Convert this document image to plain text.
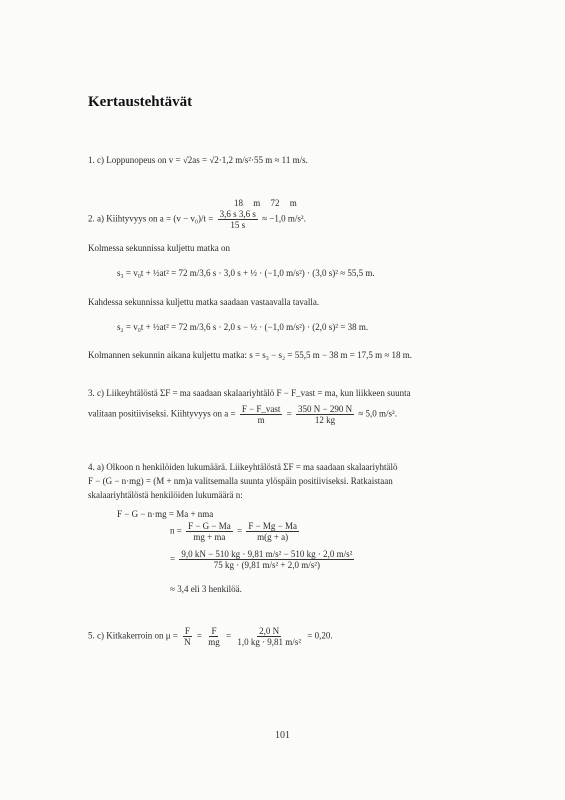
Kertaustehtävät
1. c) Loppunopeus on v = √2as = √2·1,2 m/s²·55 m ≈ 11 m/s.
18 m 72 m
2. a) Kiihtyvyys on $a = (v - v_0)/t = \frac{3,6 s 3,6 s}{15 s} \approx -1,0$ m/s².
Kolmessa sekunnissa kuljettu matka on
s₃ = v₀t + ½at² = 72 m/3,6 s · 3,0 s + ½ · (−1,0 m/s²) · (3,0 s)² ≈ 55,5 m.
Kahdessa sekunnissa kuljettu matka saadaan vastaavalla tavalla.
s₂ = v₀t + ½at² = 72 m/3,6 s · 2,0 s − ½ · (−1,0 m/s²) · (2,0 s)² = 38 m.
Kolmannen sekunnin aikana kuljettu matka: s = s₃ − s₂ = 55,5 m − 38 m = 17,5 m ≈ 18 m.
3. c) Liikeyhtälöstä ΣF = ma saadaan skalaariyhtälö F − F_vast = ma, kun liikkeen suunta
valitaan positiiviseksi. Kiihtyvyys on $a = \frac{\text{F − F\_vast}}{m} = \frac{350 N - 290 N}{12 kg} \approx 5,0$ m/s².
4. a) Olkoon n henkilöiden lukumäärä. Liikeyhtälöstä ΣF = ma saadaan skalaariyhtälö
F − (G − n·mg) = (M + nm)a valitsemalla suunta ylöspäin positiiviseksi. Ratkaistaan
skalaariyhtälöstä henkilöiden lukumäärä n:
F − G − n·mg = Ma + nma
$n = \frac{F - G - Ma}{mg + ma} = \frac{F - Mg - Ma}{m(g + a)}$
= $\frac{\text{9,0 kN − 510 kg · 9,81 m/s² − 510 kg · 2,0 m/s²}}{\text{75 kg · (9,81 m/s² + 2,0 m/s²)}}$
≈ 3,4 eli 3 henkilöä.
5. c) Kitkakerroin on $\mu = \frac{F}{N} = \frac{F}{mg} = \frac{2,0 N}{\text{1,0 kg · 9,81 m/s²}} = 0,20$.
101
